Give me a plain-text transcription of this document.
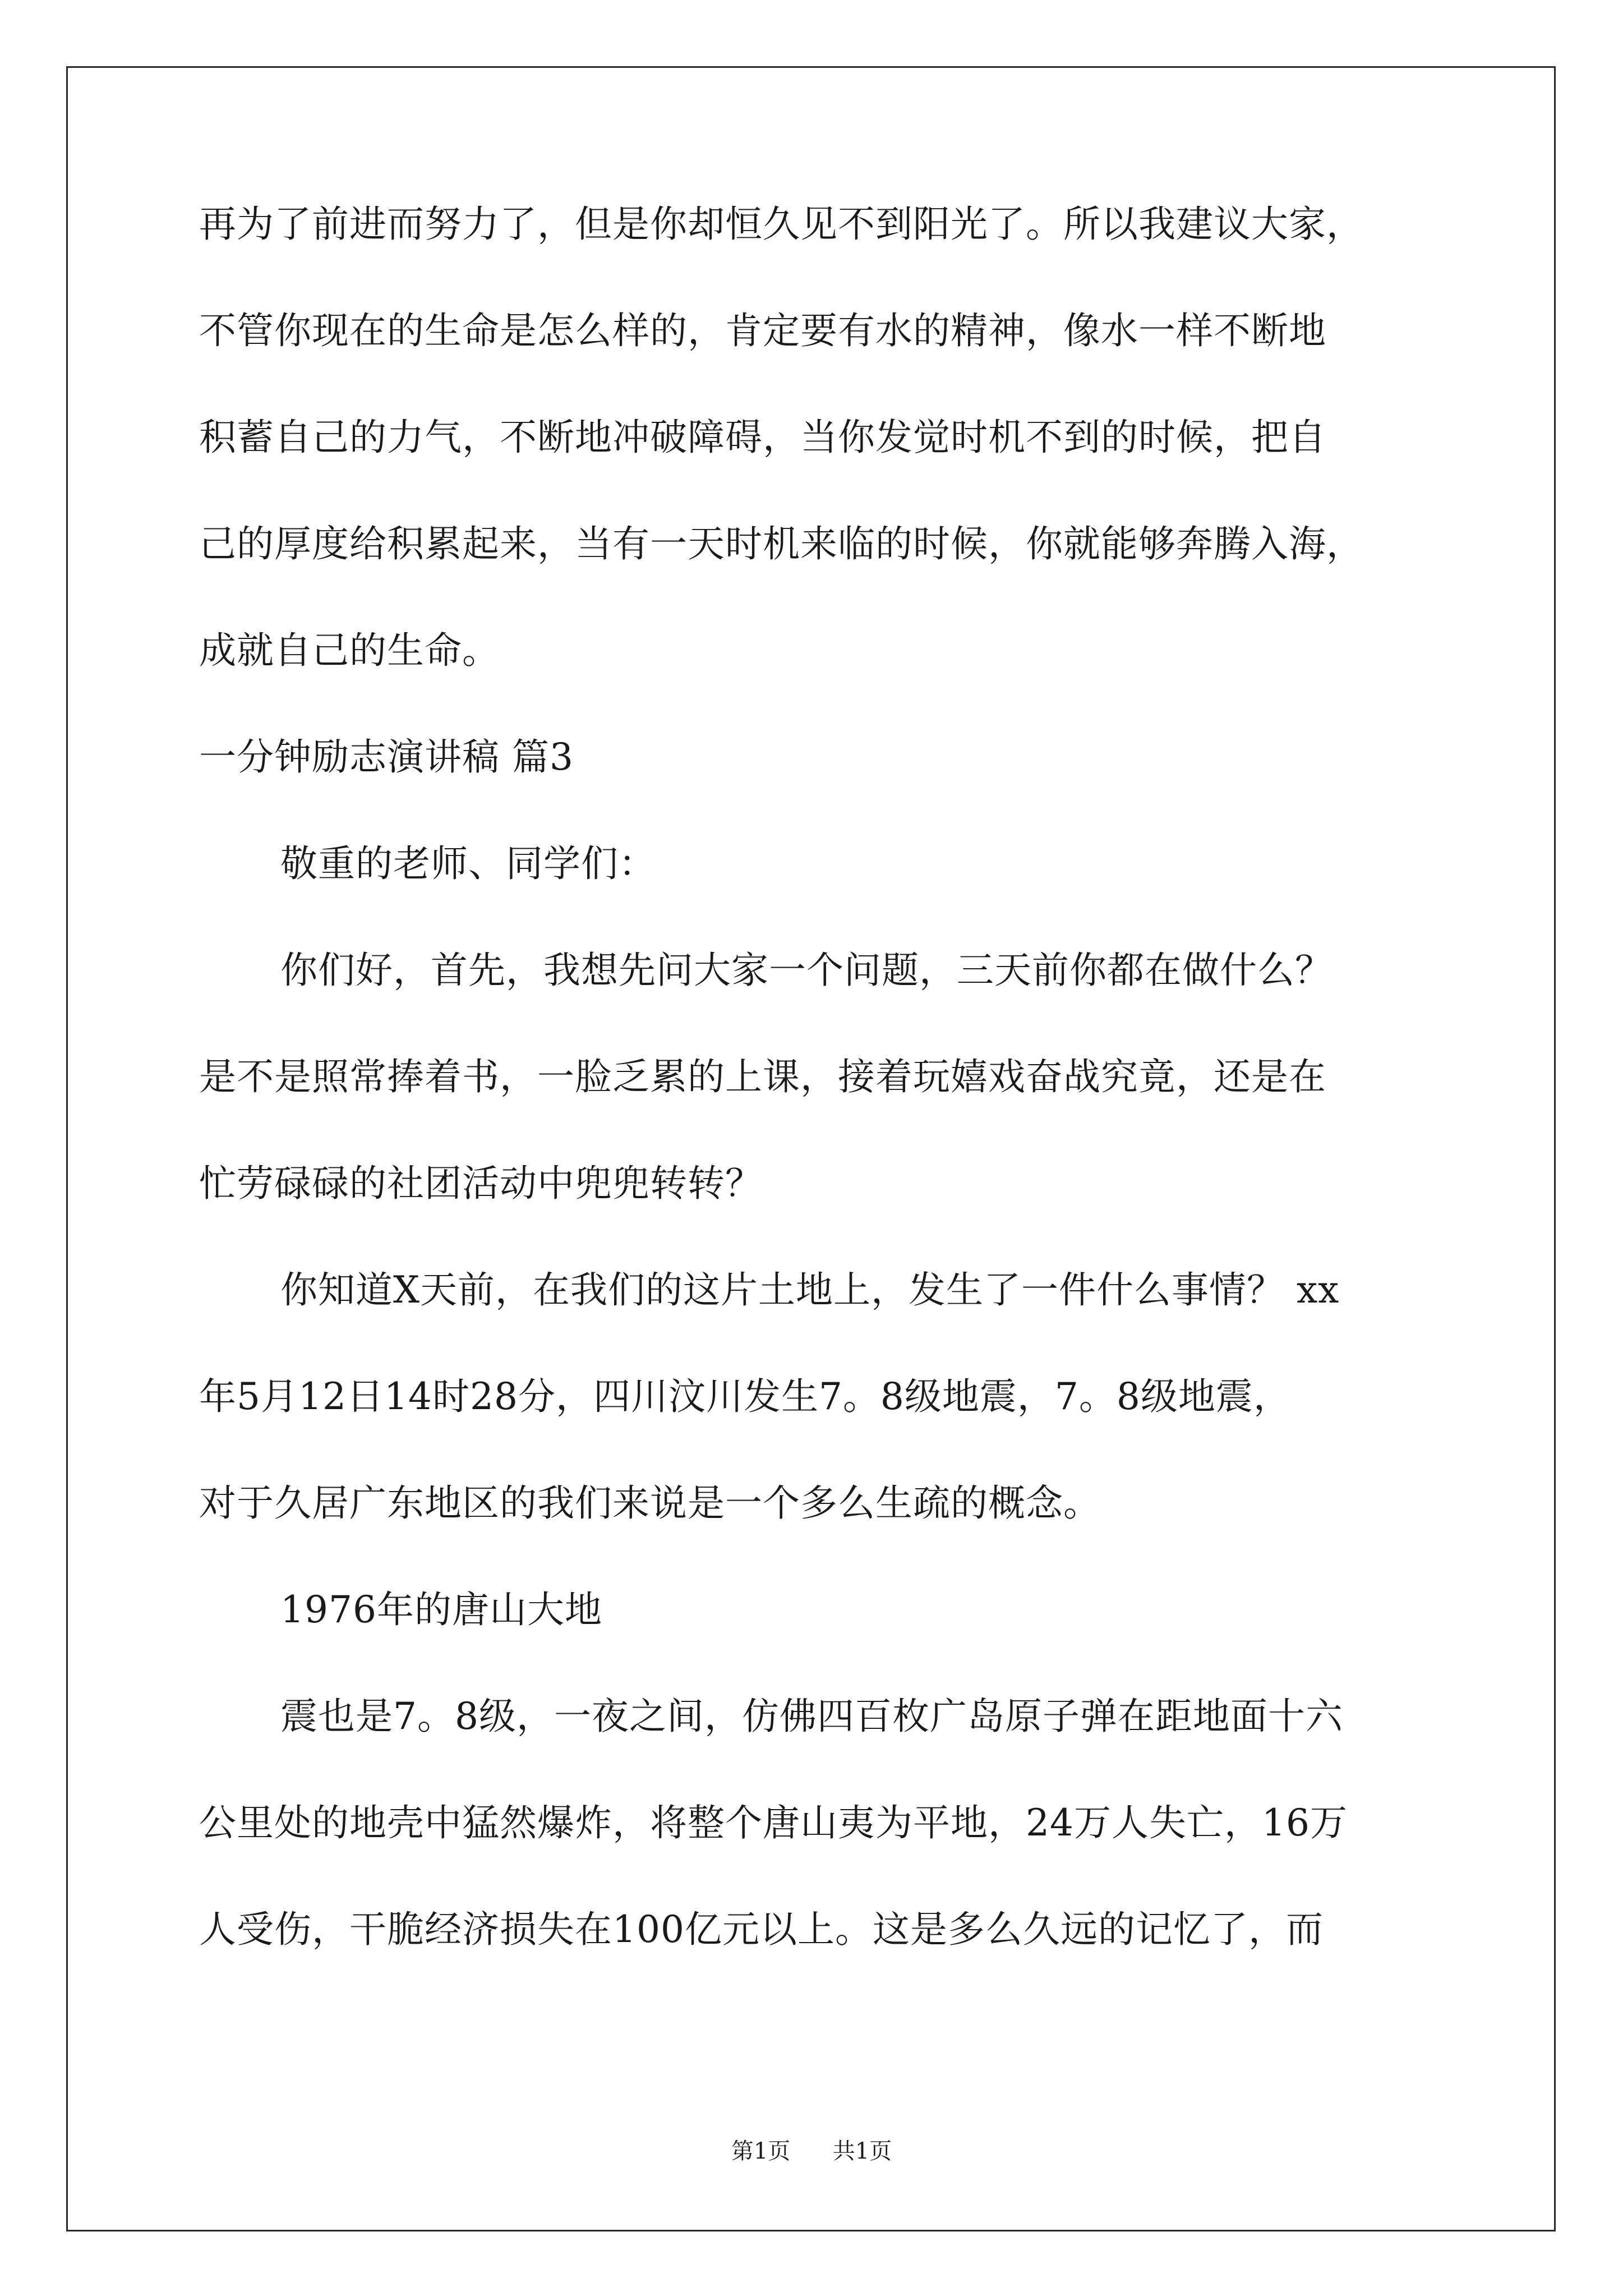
再为了前进而努力了，但是你却恒久见不到阳光了。所以我建议大家，
不管你现在的生命是怎么样的，肯定要有水的精神，像水一样不断地
积蓄自己的力气，不断地冲破障碍，当你发觉时机不到的时候，把自
己的厚度给积累起来，当有一天时机来临的时候，你就能够奔腾入海，
成就自己的生命。
一分钟励志演讲稿 篇3
敬重的老师、同学们：
你们好，首先，我想先问大家一个问题，三天前你都在做什么？
是不是照常捧着书，一脸乏累的上课，接着玩嬉戏奋战究竟，还是在
忙劳碌碌的社团活动中兜兜转转？
你知道X天前，在我们的这片土地上，发生了一件什么事情？ xx
年5月12日14时28分，四川汶川发生7。8级地震，7。8级地震，
对于久居广东地区的我们来说是一个多么生疏的概念。
1976年的唐山大地
震也是7。8级，一夜之间，仿佛四百枚广岛原子弹在距地面十六
公里处的地壳中猛然爆炸，将整个唐山夷为平地，24万人失亡，16万
人受伤，干脆经济损失在100亿元以上。这是多么久远的记忆了，而
第1页 共1页
